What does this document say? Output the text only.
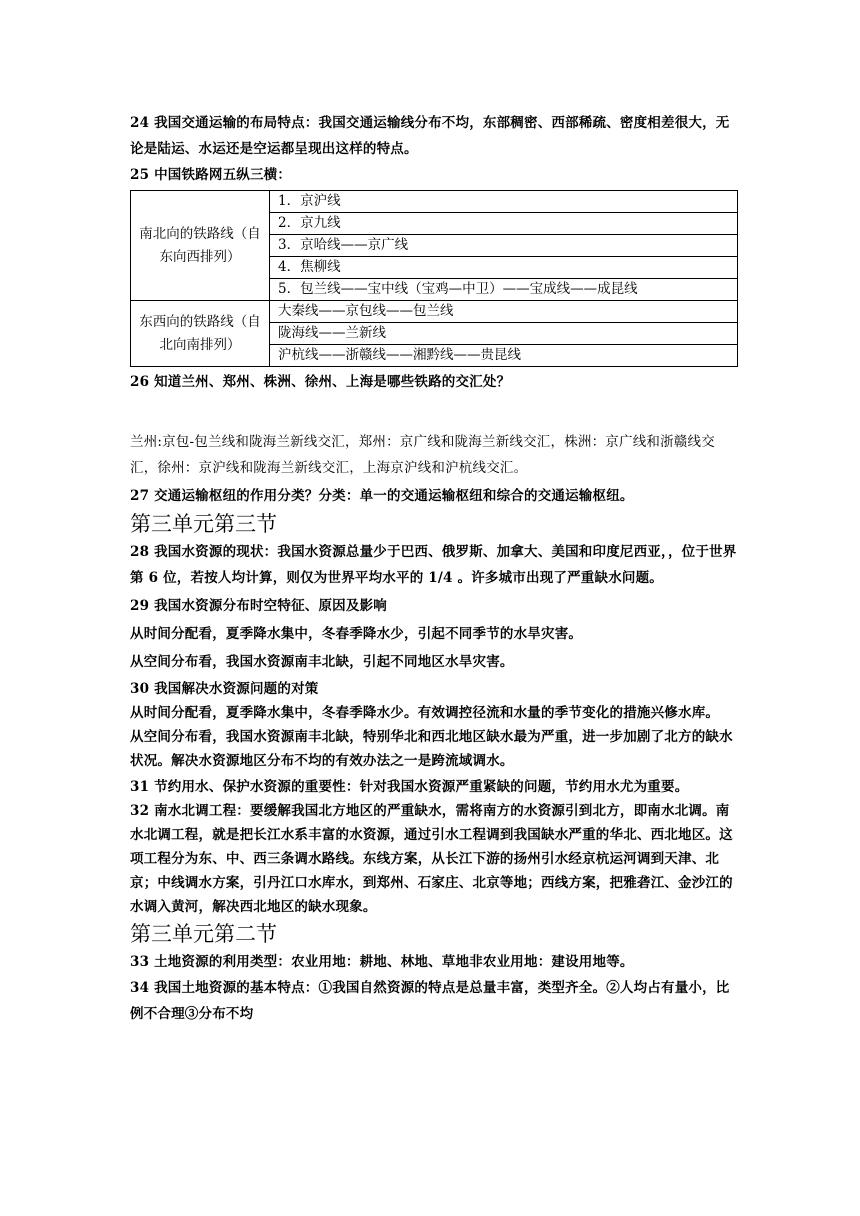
24 我国交通运输的布局特点：我国交通运输线分布不均，东部稠密、西部稀疏、密度相差很大，无论是陆运、水运还是空运都呈现出这样的特点。

25 中国铁路网五纵三横：

南北向的铁路线（自东向西排列）	1．京沪线
	2．京九线
	3．京哈线——京广线
	4．焦柳线
	5．包兰线——宝中线（宝鸡—中卫）——宝成线——成昆线
东西向的铁路线（自北向南排列）	大秦线——京包线——包兰线
	陇海线——兰新线
	沪杭线——浙赣线——湘黔线——贵昆线

26 知道兰州、郑州、株洲、徐州、上海是哪些铁路的交汇处？

兰州:京包-包兰线和陇海兰新线交汇，郑州：京广线和陇海兰新线交汇，株洲：京广线和浙赣线交汇，徐州：京沪线和陇海兰新线交汇，上海京沪线和沪杭线交汇。

27 交通运输枢纽的作用分类？分类：单一的交通运输枢纽和综合的交通运输枢纽。

第三单元第三节

28 我国水资源的现状：我国水资源总量少于巴西、俄罗斯、加拿大、美国和印度尼西亚，，位于世界第 6 位，若按人均计算，则仅为世界平均水平的 1/4 。许多城市出现了严重缺水问题。

29 我国水资源分布时空特征、原因及影响

从时间分配看，夏季降水集中，冬春季降水少，引起不同季节的水旱灾害。

从空间分布看，我国水资源南丰北缺，引起不同地区水旱灾害。

30 我国解决水资源问题的对策

从时间分配看，夏季降水集中，冬春季降水少。有效调控径流和水量的季节变化的措施兴修水库。

从空间分布看，我国水资源南丰北缺，特别华北和西北地区缺水最为严重，进一步加剧了北方的缺水状况。解决水资源地区分布不均的有效办法之一是跨流域调水。

31 节约用水、保护水资源的重要性：针对我国水资源严重紧缺的问题，节约用水尤为重要。

32 南水北调工程：要缓解我国北方地区的严重缺水，需将南方的水资源引到北方，即南水北调。南水北调工程，就是把长江水系丰富的水资源，通过引水工程调到我国缺水严重的华北、西北地区。这项工程分为东、中、西三条调水路线。东线方案，从长江下游的扬州引水经京杭运河调到天津、北京；中线调水方案，引丹江口水库水，到郑州、石家庄、北京等地；西线方案，把雅砻江、金沙江的水调入黄河，解决西北地区的缺水现象。

第三单元第二节

33 土地资源的利用类型：农业用地：耕地、林地、草地非农业用地：建设用地等。

34 我国土地资源的基本特点：①我国自然资源的特点是总量丰富，类型齐全。②人均占有量小，比例不合理③分布不均
